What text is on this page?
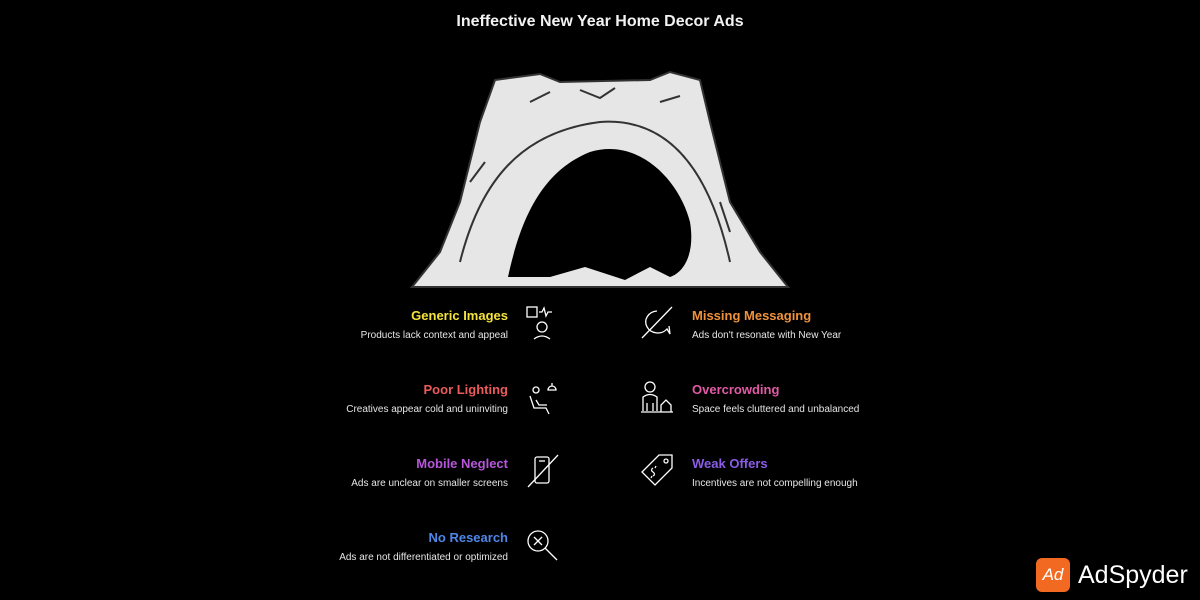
Ineffective New Year Home Decor Ads
Generic Images
Products lack context and appeal
Missing Messaging
Ads don't resonate with New Year
Poor Lighting
Creatives appear cold and uninviting
Overcrowding
Space feels cluttered and unbalanced
Mobile Neglect
Ads are unclear on smaller screens
Weak Offers
Incentives are not compelling enough
No Research
Ads are not differentiated or optimized
Ad AdSpyder
